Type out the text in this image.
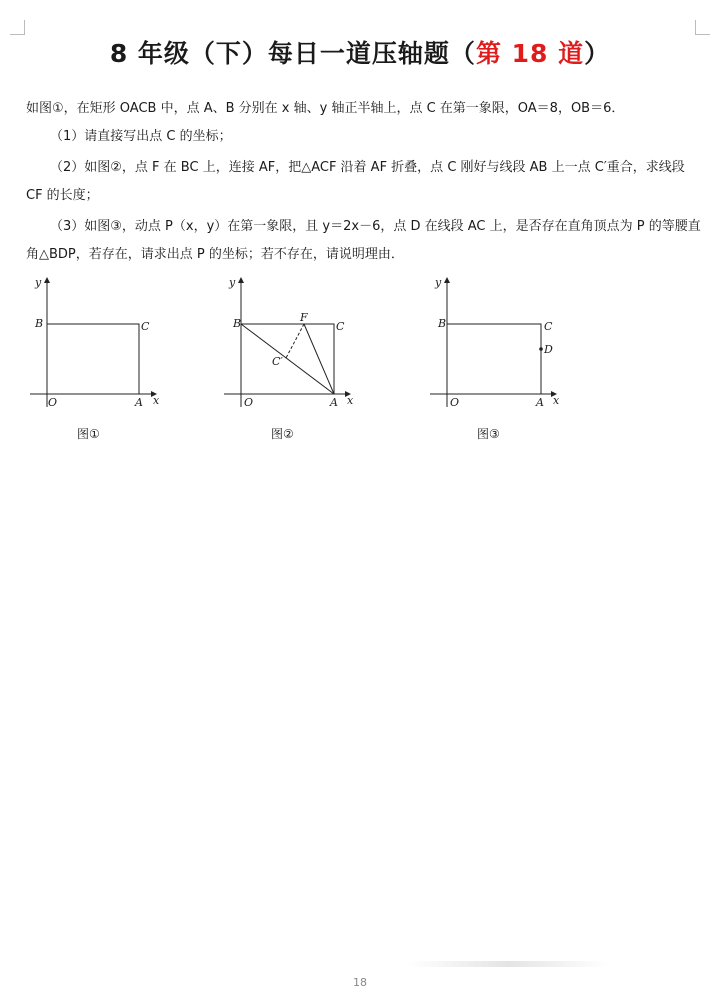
8 年级（下）每日一道压轴题（第 18 道）
如图①，在矩形 OACB 中，点 A、B 分别在 x 轴、y 轴正半轴上，点 C 在第一象限，OA＝8，OB＝6．
（1）请直接写出点 C 的坐标；
（2）如图②，点 F 在 BC 上，连接 AF，把△ACF 沿着 AF 折叠，点 C 刚好与线段 AB 上一点 C′重合，求线段 CF 的长度；
（3）如图③，动点 P（x，y）在第一象限，且 y＝2x－6，点 D 在线段 AC 上，是否存在直角顶点为 P 的等腰直角△BDP，若存在，请求出点 P 的坐标；若不存在，请说明理由．
y
x
B	C
O	A
图①
y
x
B	C
F
C′
O	A
图②
y
x
B	C
D
O	A
图③
18
